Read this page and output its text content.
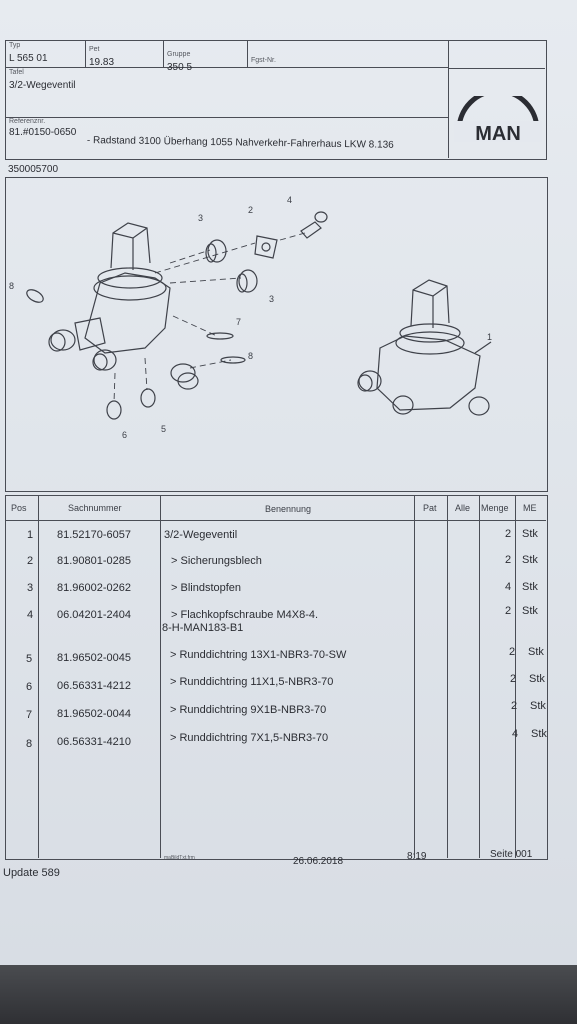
Typ
L 565 01
Pet
19.83
Gruppe
350 5
Fgst-Nr.
Tafel
3/2-Wegeventil
Referenznr.
81.#0150-0650
- Radstand 3100 Überhang 1055 Nahverkehr-Fahrerhaus LKW 8.136	MAN
350005700
1
2
3
3
4
5
6
7
8
8
Pos	Sachnummer	Benennung	Pat Alle Menge ME
1 81.52170-6057	3/2-Wegeventil	2 Stk
2 81.90801-0285	> Sicherungsblech	2 Stk
3 81.96002-0262	> Blindstopfen	4 Stk
4 06.04201-2404	> Flachkopfschraube M4X8-4.
8-H-MAN183-B1
2 Stk
5 81.96502-0045	> Runddichtring 13X1-NBR3-70-SW	2 Stk
6 06.56331-4212	> Runddichtring 11X1,5-NBR3-70	2 Stk
7 81.96502-0044	> Runddichtring 9X1B-NBR3-70	2 Stk
8 06.56331-4210	> Runddichtring 7X1,5-NBR3-70	4 Stk
maBildTxt.frm	26.06.2018	8:19	Seite 001
Update 589
